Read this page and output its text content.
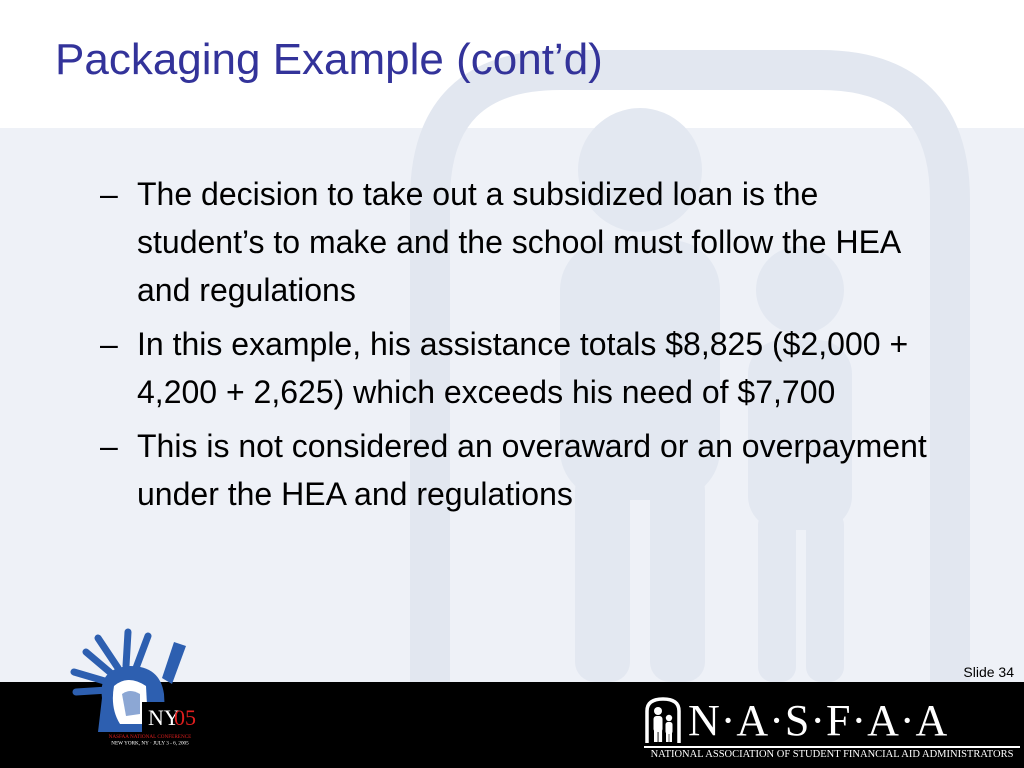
Packaging Example (cont’d)
– The decision to take out a subsidized loan is the student’s to make and the school must follow the HEA and regulations
– In this example, his assistance totals $8,825 ($2,000 + 4,200 + 2,625) which exceeds his need of $7,700
– This is not considered an overaward or an overpayment under the HEA and regulations
Slide 34
NY
05
NASFAA NATIONAL CONFERENCE
NEW YORK, NY · JULY 3 - 6, 2005	N·A·S·F·A·A
NATIONAL ASSOCIATION OF STUDENT FINANCIAL AID ADMINISTRATORS
